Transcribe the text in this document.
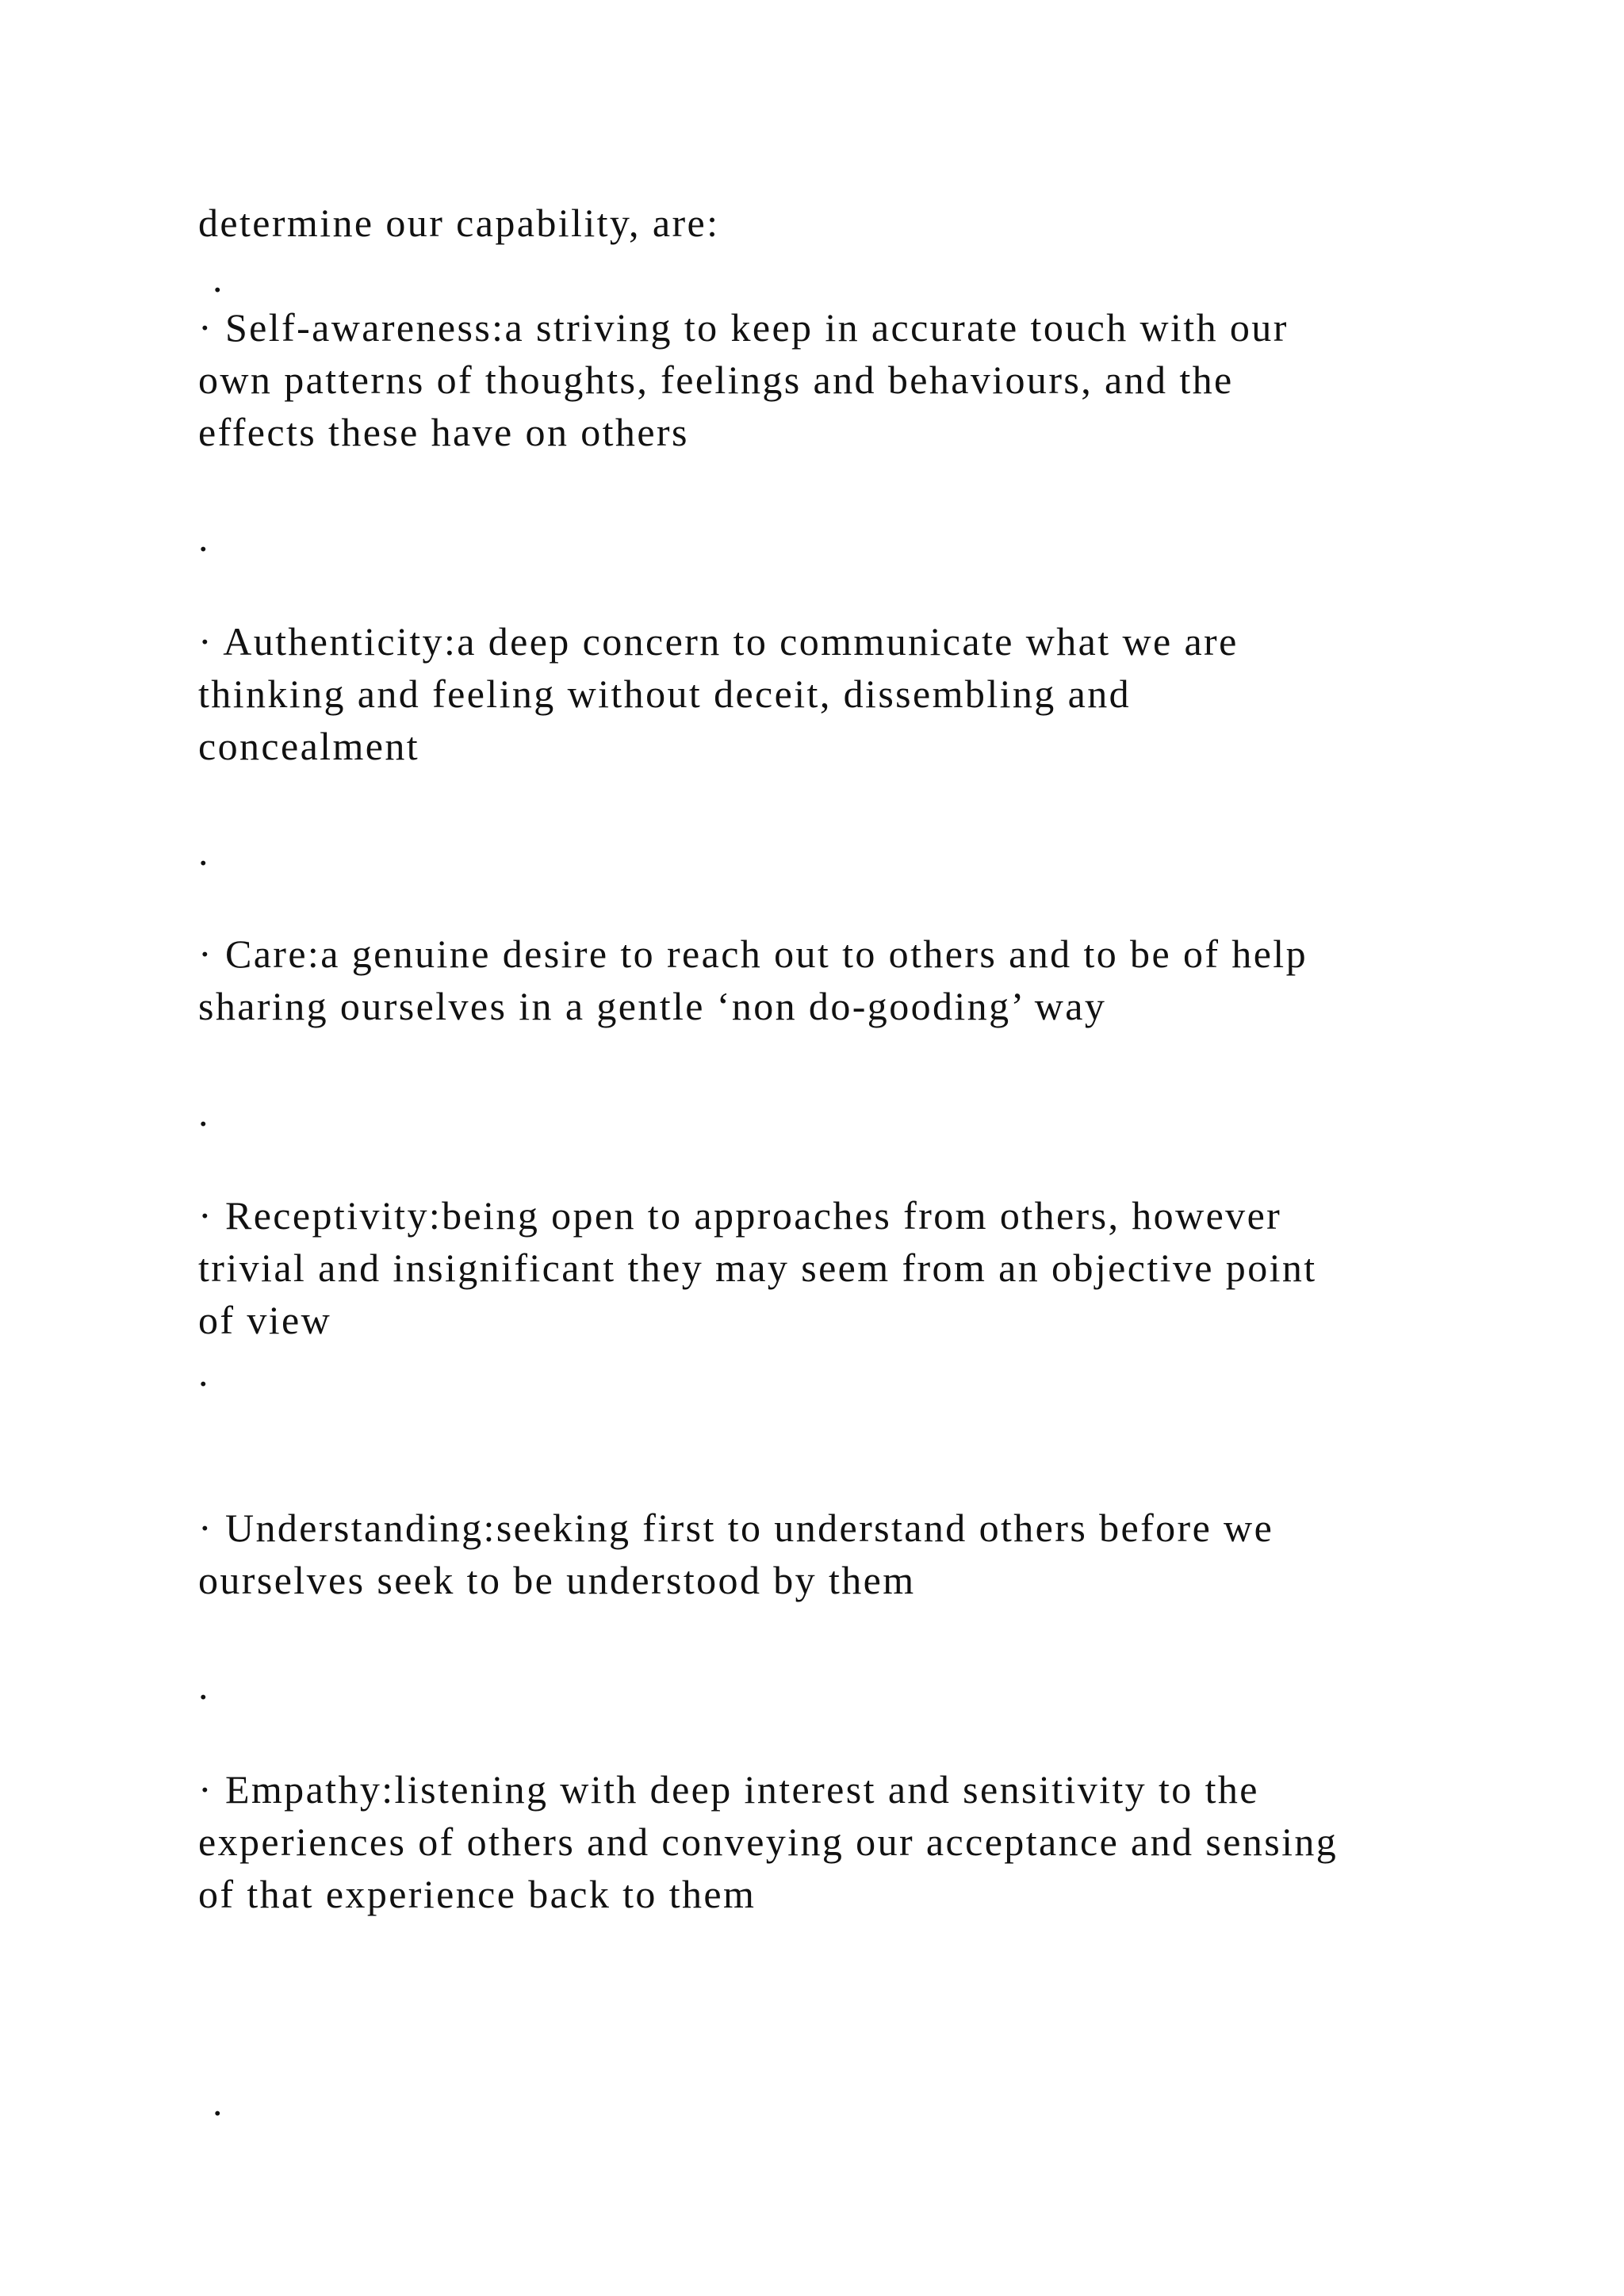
determine our capability, are:
.
· Self-awareness:a striving to keep in accurate touch with our
own patterns of thoughts, feelings and behaviours, and the
effects these have on others
.
· Authenticity:a deep concern to communicate what we are
thinking and feeling without deceit, dissembling and
concealment
.
· Care:a genuine desire to reach out to others and to be of help
sharing ourselves in a gentle ‘non do-gooding’ way
.
· Receptivity:being open to approaches from others, however
trivial and insignificant they may seem from an objective point
of view
.
· Understanding:seeking first to understand others before we
ourselves seek to be understood by them
.
· Empathy:listening with deep interest and sensitivity to the
experiences of others and conveying our acceptance and sensing
of that experience back to them
.
